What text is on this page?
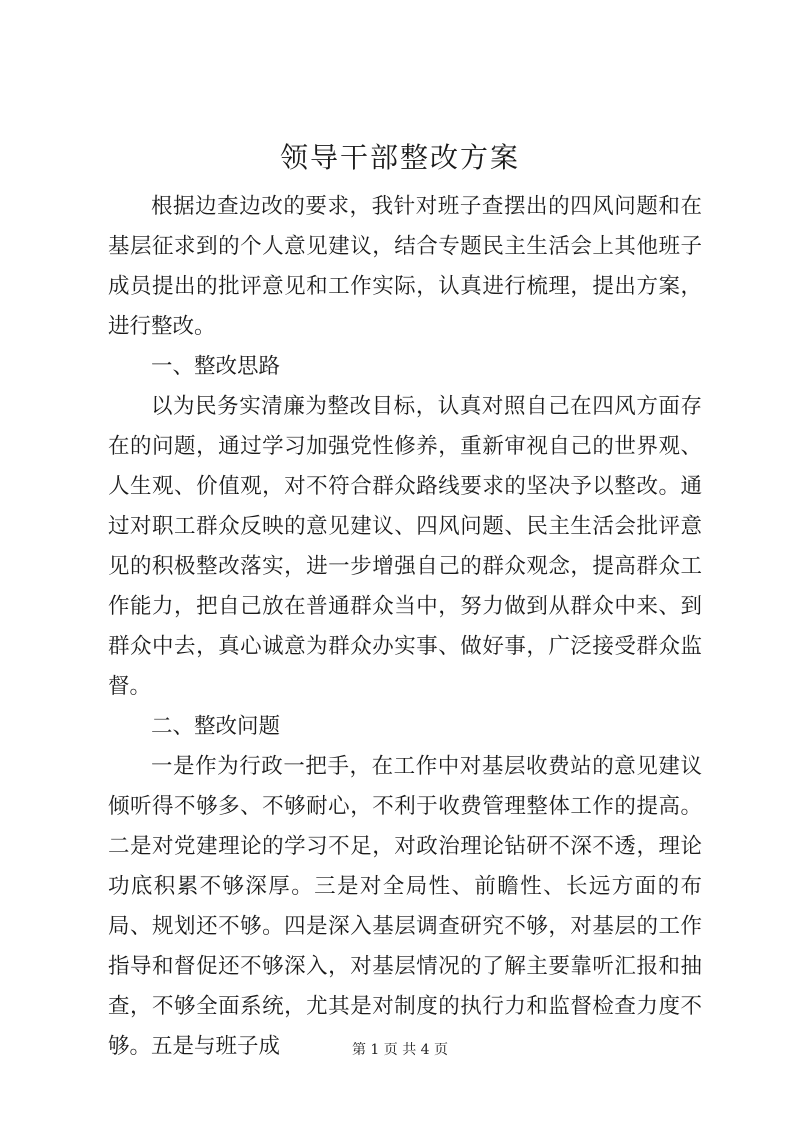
领导干部整改方案

根据边查边改的要求，我针对班子查摆出的四风问题和在基层征求到的个人意见建议，结合专题民主生活会上其他班子成员提出的批评意见和工作实际，认真进行梳理，提出方案，进行整改。

一、整改思路

以为民务实清廉为整改目标，认真对照自己在四风方面存在的问题，通过学习加强党性修养，重新审视自己的世界观、人生观、价值观，对不符合群众路线要求的坚决予以整改。通过对职工群众反映的意见建议、四风问题、民主生活会批评意见的积极整改落实，进一步增强自己的群众观念，提高群众工作能力，把自己放在普通群众当中，努力做到从群众中来、到群众中去，真心诚意为群众办实事、做好事，广泛接受群众监督。

二、整改问题

一是作为行政一把手，在工作中对基层收费站的意见建议倾听得不够多、不够耐心，不利于收费管理整体工作的提高。二是对党建理论的学习不足，对政治理论钻研不深不透，理论功底积累不够深厚。三是对全局性、前瞻性、长远方面的布局、规划还不够。四是深入基层调查研究不够，对基层的工作指导和督促还不够深入，对基层情况的了解主要靠听汇报和抽查，不够全面系统，尤其是对制度的执行力和监督检查力度不够。五是与班子成	第 1 页 共 4 页
